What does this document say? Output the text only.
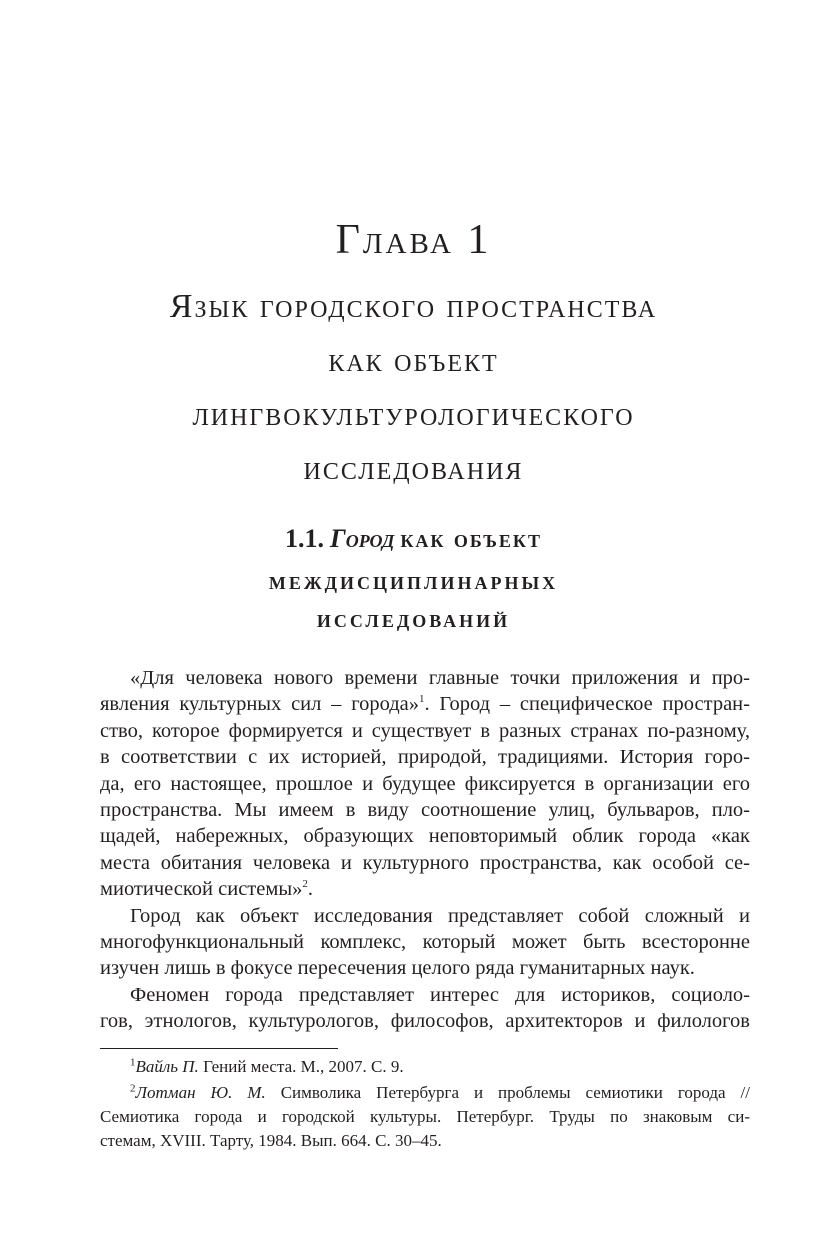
Глава 1
Язык городского пространства
как объект
лингвокультурологического
исследования
1.1. Город как объект
междисциплинарных
исследований

«Для человека нового времени главные точки приложения и про-
явления культурных сил – города»$^1$. Город – специфическое простран-
ство, которое формируется и существует в разных странах по-разному,
в соответствии с их историей, природой, традициями. История горо-
да, его настоящее, прошлое и будущее фиксируется в организации его
пространства. Мы имеем в виду соотношение улиц, бульваров, пло-
щадей, набережных, образующих неповторимый облик города «как
места обитания человека и культурного пространства, как особой се-
миотической системы»$^2$.

Город как объект исследования представляет собой сложный и
многофункциональный комплекс, который может быть всесторонне
изучен лишь в фокусе пересечения целого ряда гуманитарных наук.

Феномен города представляет интерес для историков, социоло-
гов, этнологов, культурологов, философов, архитекторов и филологов

$^1$Вайль П. Гений места. М., 2007. С. 9.
$^2$Лотман Ю. М. Символика Петербурга и проблемы семиотики города //
Семиотика города и городской культуры. Петербург. Труды по знаковым си-
стемам, XVIII. Тарту, 1984. Вып. 664. С. 30–45.
